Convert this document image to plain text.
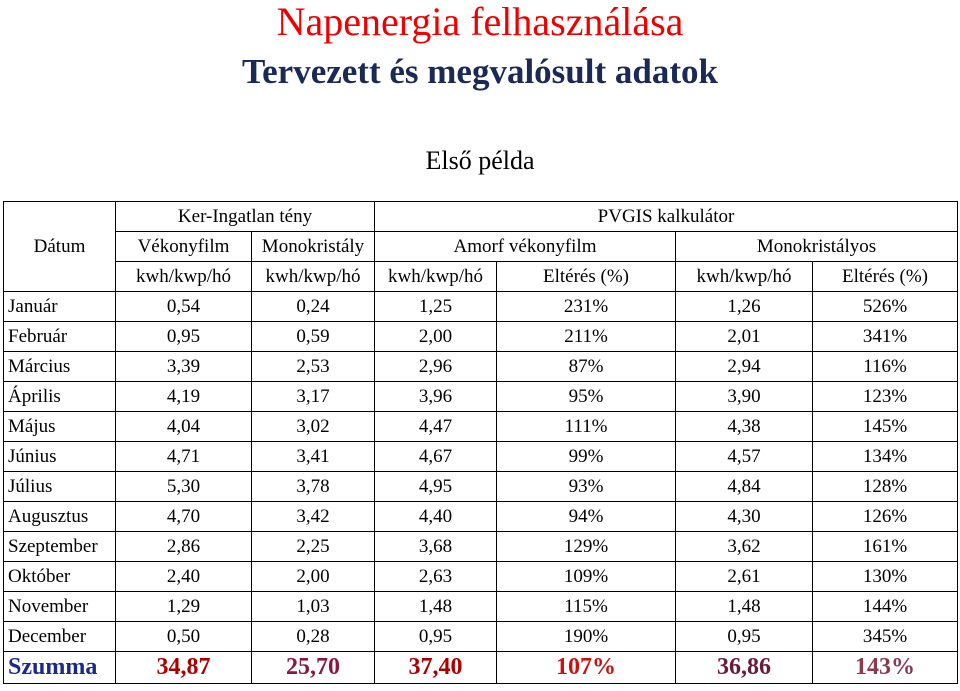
Napenergia felhasználása
Tervezett és megvalósult adatok
Első példa
Dátum	Ker-Ingatlan tény		PVGIS kalkulátor			
	Vékonyfilm	Monokristály	Amorf vékonyfilm		Monokristályos	
	kwh/kwp/hó	kwh/kwp/hó	kwh/kwp/hó	Eltérés (%)	kwh/kwp/hó	Eltérés (%)
Január	0,54	0,24	1,25	231%	1,26	526%
Február	0,95	0,59	2,00	211%	2,01	341%
Március	3,39	2,53	2,96	87%	2,94	116%
Április	4,19	3,17	3,96	95%	3,90	123%
Május	4,04	3,02	4,47	111%	4,38	145%
Június	4,71	3,41	4,67	99%	4,57	134%
Július	5,30	3,78	4,95	93%	4,84	128%
Augusztus	4,70	3,42	4,40	94%	4,30	126%
Szeptember	2,86	2,25	3,68	129%	3,62	161%
Október	2,40	2,00	2,63	109%	2,61	130%
November	1,29	1,03	1,48	115%	1,48	144%
December	0,50	0,28	0,95	190%	0,95	345%
Szumma	34,87	25,70	37,40	107%	36,86	143%
